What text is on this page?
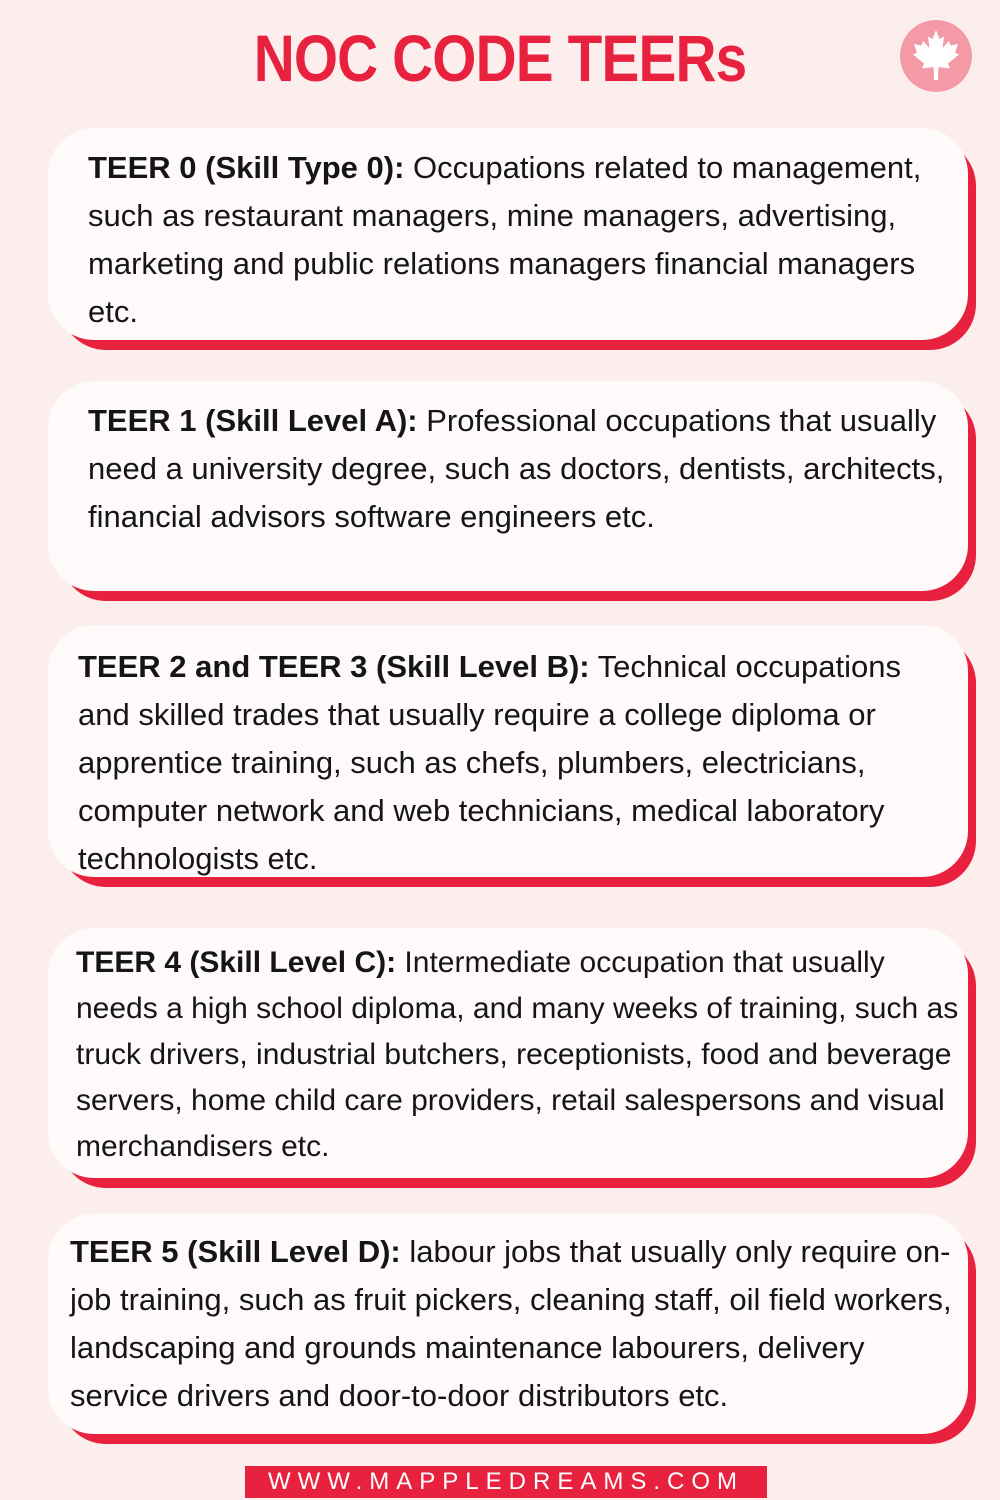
NOC CODE TEERs
TEER 0 (Skill Type 0): Occupations related to management, such as restaurant managers, mine managers, advertising, marketing and public relations managers financial managers etc.
TEER 1 (Skill Level A): Professional occupations that usually need a university degree, such as doctors, dentists, architects, financial advisors software engineers etc.
TEER 2 and TEER 3 (Skill Level B): Technical occupations and skilled trades that usually require a college diploma or apprentice training, such as chefs, plumbers, electricians, computer network and web technicians, medical laboratory technologists etc.
TEER 4 (Skill Level C): Intermediate occupation that usually needs a high school diploma, and many weeks of training, such as truck drivers, industrial butchers, receptionists, food and beverage servers, home child care providers, retail salespersons and visual merchandisers etc.
TEER 5 (Skill Level D): labour jobs that usually only require on-job training, such as fruit pickers, cleaning staff, oil field workers, landscaping and grounds maintenance labourers, delivery service drivers and door-to-door distributors etc.
WWW.MAPPLEDREAMS.COM
